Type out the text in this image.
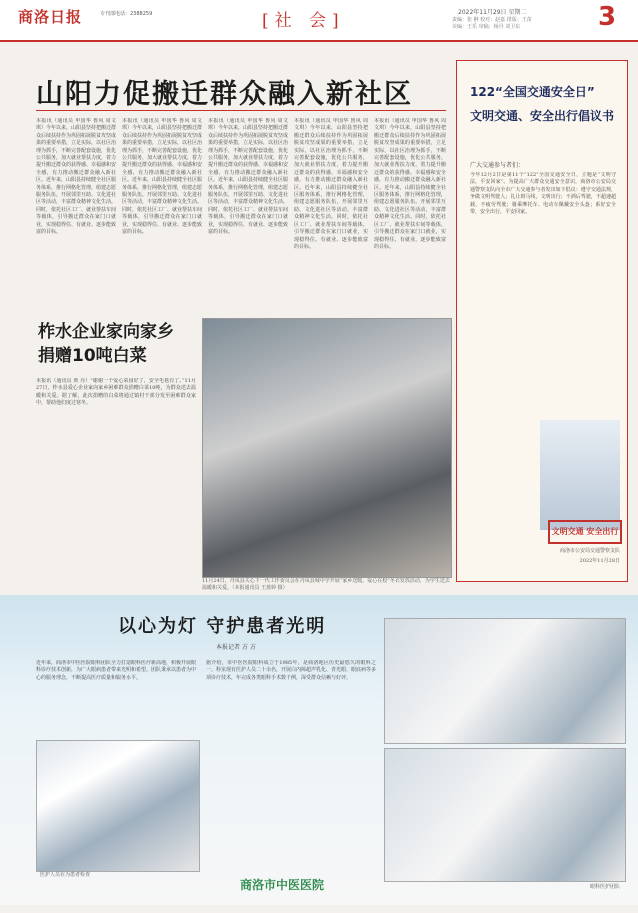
商洛日报	专刊部电话：2388259	[社 会]	2022年11月29日 星期二
责编：张 翀 校对：赵嘉 排版：王苗
美编：王乐 审稿：杨丹 刘卫东	3
山阳力促搬迁群众融入新社区
本报讯（通讯员 申国华 鲁风 周文琪）今年以来，山阳县坚持把搬迁群众后续扶持作为巩固拓展脱贫攻坚成果的重要举措，立足实际，以社区治理为抓手，不断完善配套设施，优化公共服务，加大就业帮扶力度，着力提升搬迁群众的获得感、幸福感和安全感，有力推动搬迁群众融入新社区。近年来，山阳县持续健全社区服务体系，推行网格化管理，组建志愿服务队伍，开展邻里互助、文化进社区等活动，丰富群众精神文化生活。同时，依托社区工厂、就业帮扶车间等载体，引导搬迁群众在家门口就业，实现稳得住、有就业、逐步能致富的目标。
本报讯（通讯员 申国华 鲁风 周文琪）今年以来，山阳县坚持把搬迁群众后续扶持作为巩固拓展脱贫攻坚成果的重要举措，立足实际，以社区治理为抓手，不断完善配套设施，优化公共服务，加大就业帮扶力度，着力提升搬迁群众的获得感、幸福感和安全感，有力推动搬迁群众融入新社区。近年来，山阳县持续健全社区服务体系，推行网格化管理，组建志愿服务队伍，开展邻里互助、文化进社区等活动，丰富群众精神文化生活。同时，依托社区工厂、就业帮扶车间等载体，引导搬迁群众在家门口就业，实现稳得住、有就业、逐步能致富的目标。
本报讯（通讯员 申国华 鲁风 周文琪）今年以来，山阳县坚持把搬迁群众后续扶持作为巩固拓展脱贫攻坚成果的重要举措，立足实际，以社区治理为抓手，不断完善配套设施，优化公共服务，加大就业帮扶力度，着力提升搬迁群众的获得感、幸福感和安全感，有力推动搬迁群众融入新社区。近年来，山阳县持续健全社区服务体系，推行网格化管理，组建志愿服务队伍，开展邻里互助、文化进社区等活动，丰富群众精神文化生活。同时，依托社区工厂、就业帮扶车间等载体，引导搬迁群众在家门口就业，实现稳得住、有就业、逐步能致富的目标。
本报讯（通讯员 申国华 鲁风 周文琪）今年以来，山阳县坚持把搬迁群众后续扶持作为巩固拓展脱贫攻坚成果的重要举措，立足实际，以社区治理为抓手，不断完善配套设施，优化公共服务，加大就业帮扶力度，着力提升搬迁群众的获得感、幸福感和安全感，有力推动搬迁群众融入新社区。近年来，山阳县持续健全社区服务体系，推行网格化管理，组建志愿服务队伍，开展邻里互助、文化进社区等活动，丰富群众精神文化生活。同时，依托社区工厂、就业帮扶车间等载体，引导搬迁群众在家门口就业，实现稳得住、有就业、逐步能致富的目标。
本报讯（通讯员 申国华 鲁风 周文琪）今年以来，山阳县坚持把搬迁群众后续扶持作为巩固拓展脱贫攻坚成果的重要举措，立足实际，以社区治理为抓手，不断完善配套设施，优化公共服务，加大就业帮扶力度，着力提升搬迁群众的获得感、幸福感和安全感，有力推动搬迁群众融入新社区。近年来，山阳县持续健全社区服务体系，推行网格化管理，组建志愿服务队伍，开展邻里互助、文化进社区等活动，丰富群众精神文化生活。同时，依托社区工厂、就业帮扶车间等载体，引导搬迁群众在家门口就业，实现稳得住、有就业、逐步能致富的目标。
柞水企业家向家乡
捐赠10吨白菜
本报讯（通讯员 黄 丹）“谢谢一个爱心菜园好了，安全毛毯有了。”11月27日，柞水县爱心企业家向家乡困难群众捐赠白菜10吨，为群众送去温暖和关爱。据了解，此次捐赠的白菜将通过镇村干部分发至困难群众家中，帮助他们度过寒冬。
11月24日，丹凤县关心下一代工作委员会在丹凤县城中学开展“家乡送暖，爱心在校”冬衣发放活动，为学生送去温暖和关爱。（本报通讯员 王蓝婷 摄）
122“全国交通安全日”
文明交通、安全出行倡议书
广大交通参与者们：
今年12月2日是第11个“122”全国交通安全日，主题是“文明守法，平安回家”。为提高广大群众交通安全意识，商洛市公安局交通警察支队向全市广大交通参与者发出如下倡议：遵守交通法规，争做文明驾驶人；礼让斑马线，文明出行；不酒后驾驶，不超速超载，不疲劳驾驶；骑乘摩托车、电动车佩戴安全头盔；系好安全带，安全出行，平安回家。
文明交通 安全出行
商洛市公安局交通警察支队
2022年11月28日
以心为灯 守护患者光明
本报记者 方 方
近年来，商洛市中医医院眼科团队全力打造眼科医疗新高地，积极开展眼科诊疗技术创新，为广大眼病患者带来光明和希望。团队秉承以患者为中心的服务理念，不断提高医疗质量和服务水平。
据介绍，市中医医院眼科成立于1985年，是商洛地区历史最悠久的眼科之一。科室现有医护人员二十余名，开展白内障超声乳化、青光眼、眼底病等多项诊疗技术，年完成各类眼科手术数千例，深受群众信赖与好评。
医护人员在为患者检查
眼科医护团队
商洛市中医医院
